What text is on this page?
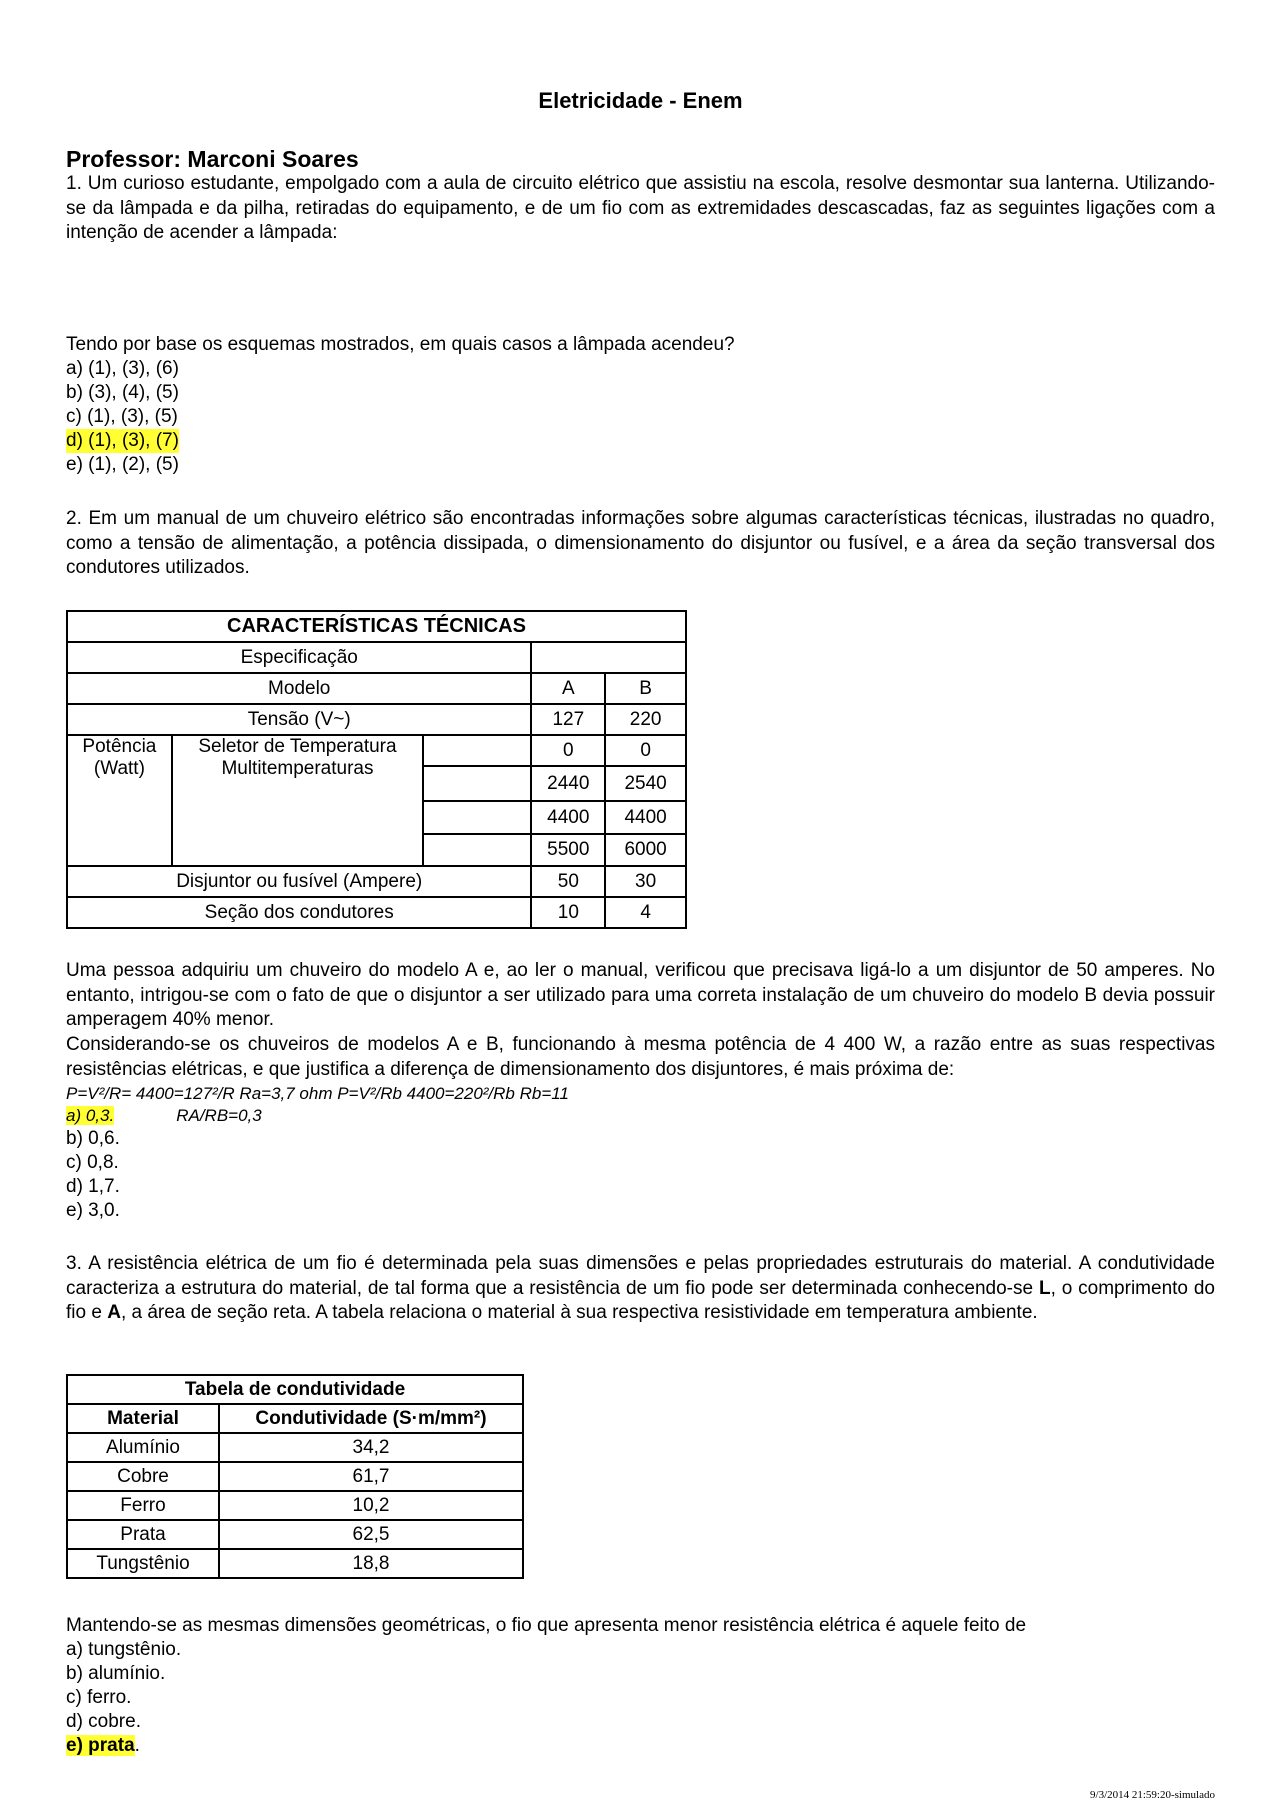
Eletricidade - Enem
Professor: Marconi Soares
1. Um curioso estudante, empolgado com a aula de circuito elétrico que assistiu na escola, resolve desmontar sua lanterna. Utilizando-se da lâmpada e da pilha, retiradas do equipamento, e de um fio com as extremidades descascadas, faz as seguintes ligações com a intenção de acender a lâmpada:
Tendo por base os esquemas mostrados, em quais casos a lâmpada acendeu?
a) (1), (3), (6)
b) (3), (4), (5)
c) (1), (3), (5)
d) (1), (3), (7)
e) (1), (2), (5)
2. Em um manual de um chuveiro elétrico são encontradas informações sobre algumas características técnicas, ilustradas no quadro, como a tensão de alimentação, a potência dissipada, o dimensionamento do disjuntor ou fusível, e a área da seção transversal dos condutores utilizados.
CARACTERÍSTICAS TÉCNICAS				
Especificação				
Modelo			A	B
Tensão (V~)			127	220
Potência (Watt)	Seletor de Temperatura Multitemperaturas		0	0
			2440	2540
			4400	4400
			5500	6000
Disjuntor ou fusível (Ampere)			50	30
Seção dos condutores			10	4
Uma pessoa adquiriu um chuveiro do modelo A e, ao ler o manual, verificou que precisava ligá-lo a um disjuntor de 50 amperes. No entanto, intrigou-se com o fato de que o disjuntor a ser utilizado para uma correta instalação de um chuveiro do modelo B devia possuir amperagem 40% menor.
Considerando-se os chuveiros de modelos A e B, funcionando à mesma potência de 4 400 W, a razão entre as suas respectivas resistências elétricas, e que justifica a diferença de dimensionamento dos disjuntores, é mais próxima de:
P=V²/R= 4400=127²/R Ra=3,7 ohm P=V²/Rb 4400=220²/Rb Rb=11
a) 0,3.	RA/RB=0,3
b) 0,6.
c) 0,8.
d) 1,7.
e) 3,0.
3. A resistência elétrica de um fio é determinada pela suas dimensões e pelas propriedades estruturais do material. A condutividade caracteriza a estrutura do material, de tal forma que a resistência de um fio pode ser determinada conhecendo-se L, o comprimento do fio e A, a área de seção reta. A tabela relaciona o material à sua respectiva resistividade em temperatura ambiente.
Tabela de condutividade	
Material	Condutividade (S·m/mm²)
Alumínio	34,2
Cobre	61,7
Ferro	10,2
Prata	62,5
Tungstênio	18,8
Mantendo-se as mesmas dimensões geométricas, o fio que apresenta menor resistência elétrica é aquele feito de
a) tungstênio.
b) alumínio.
c) ferro.
d) cobre.
e) prata.
9/3/2014 21:59:20-simulado
